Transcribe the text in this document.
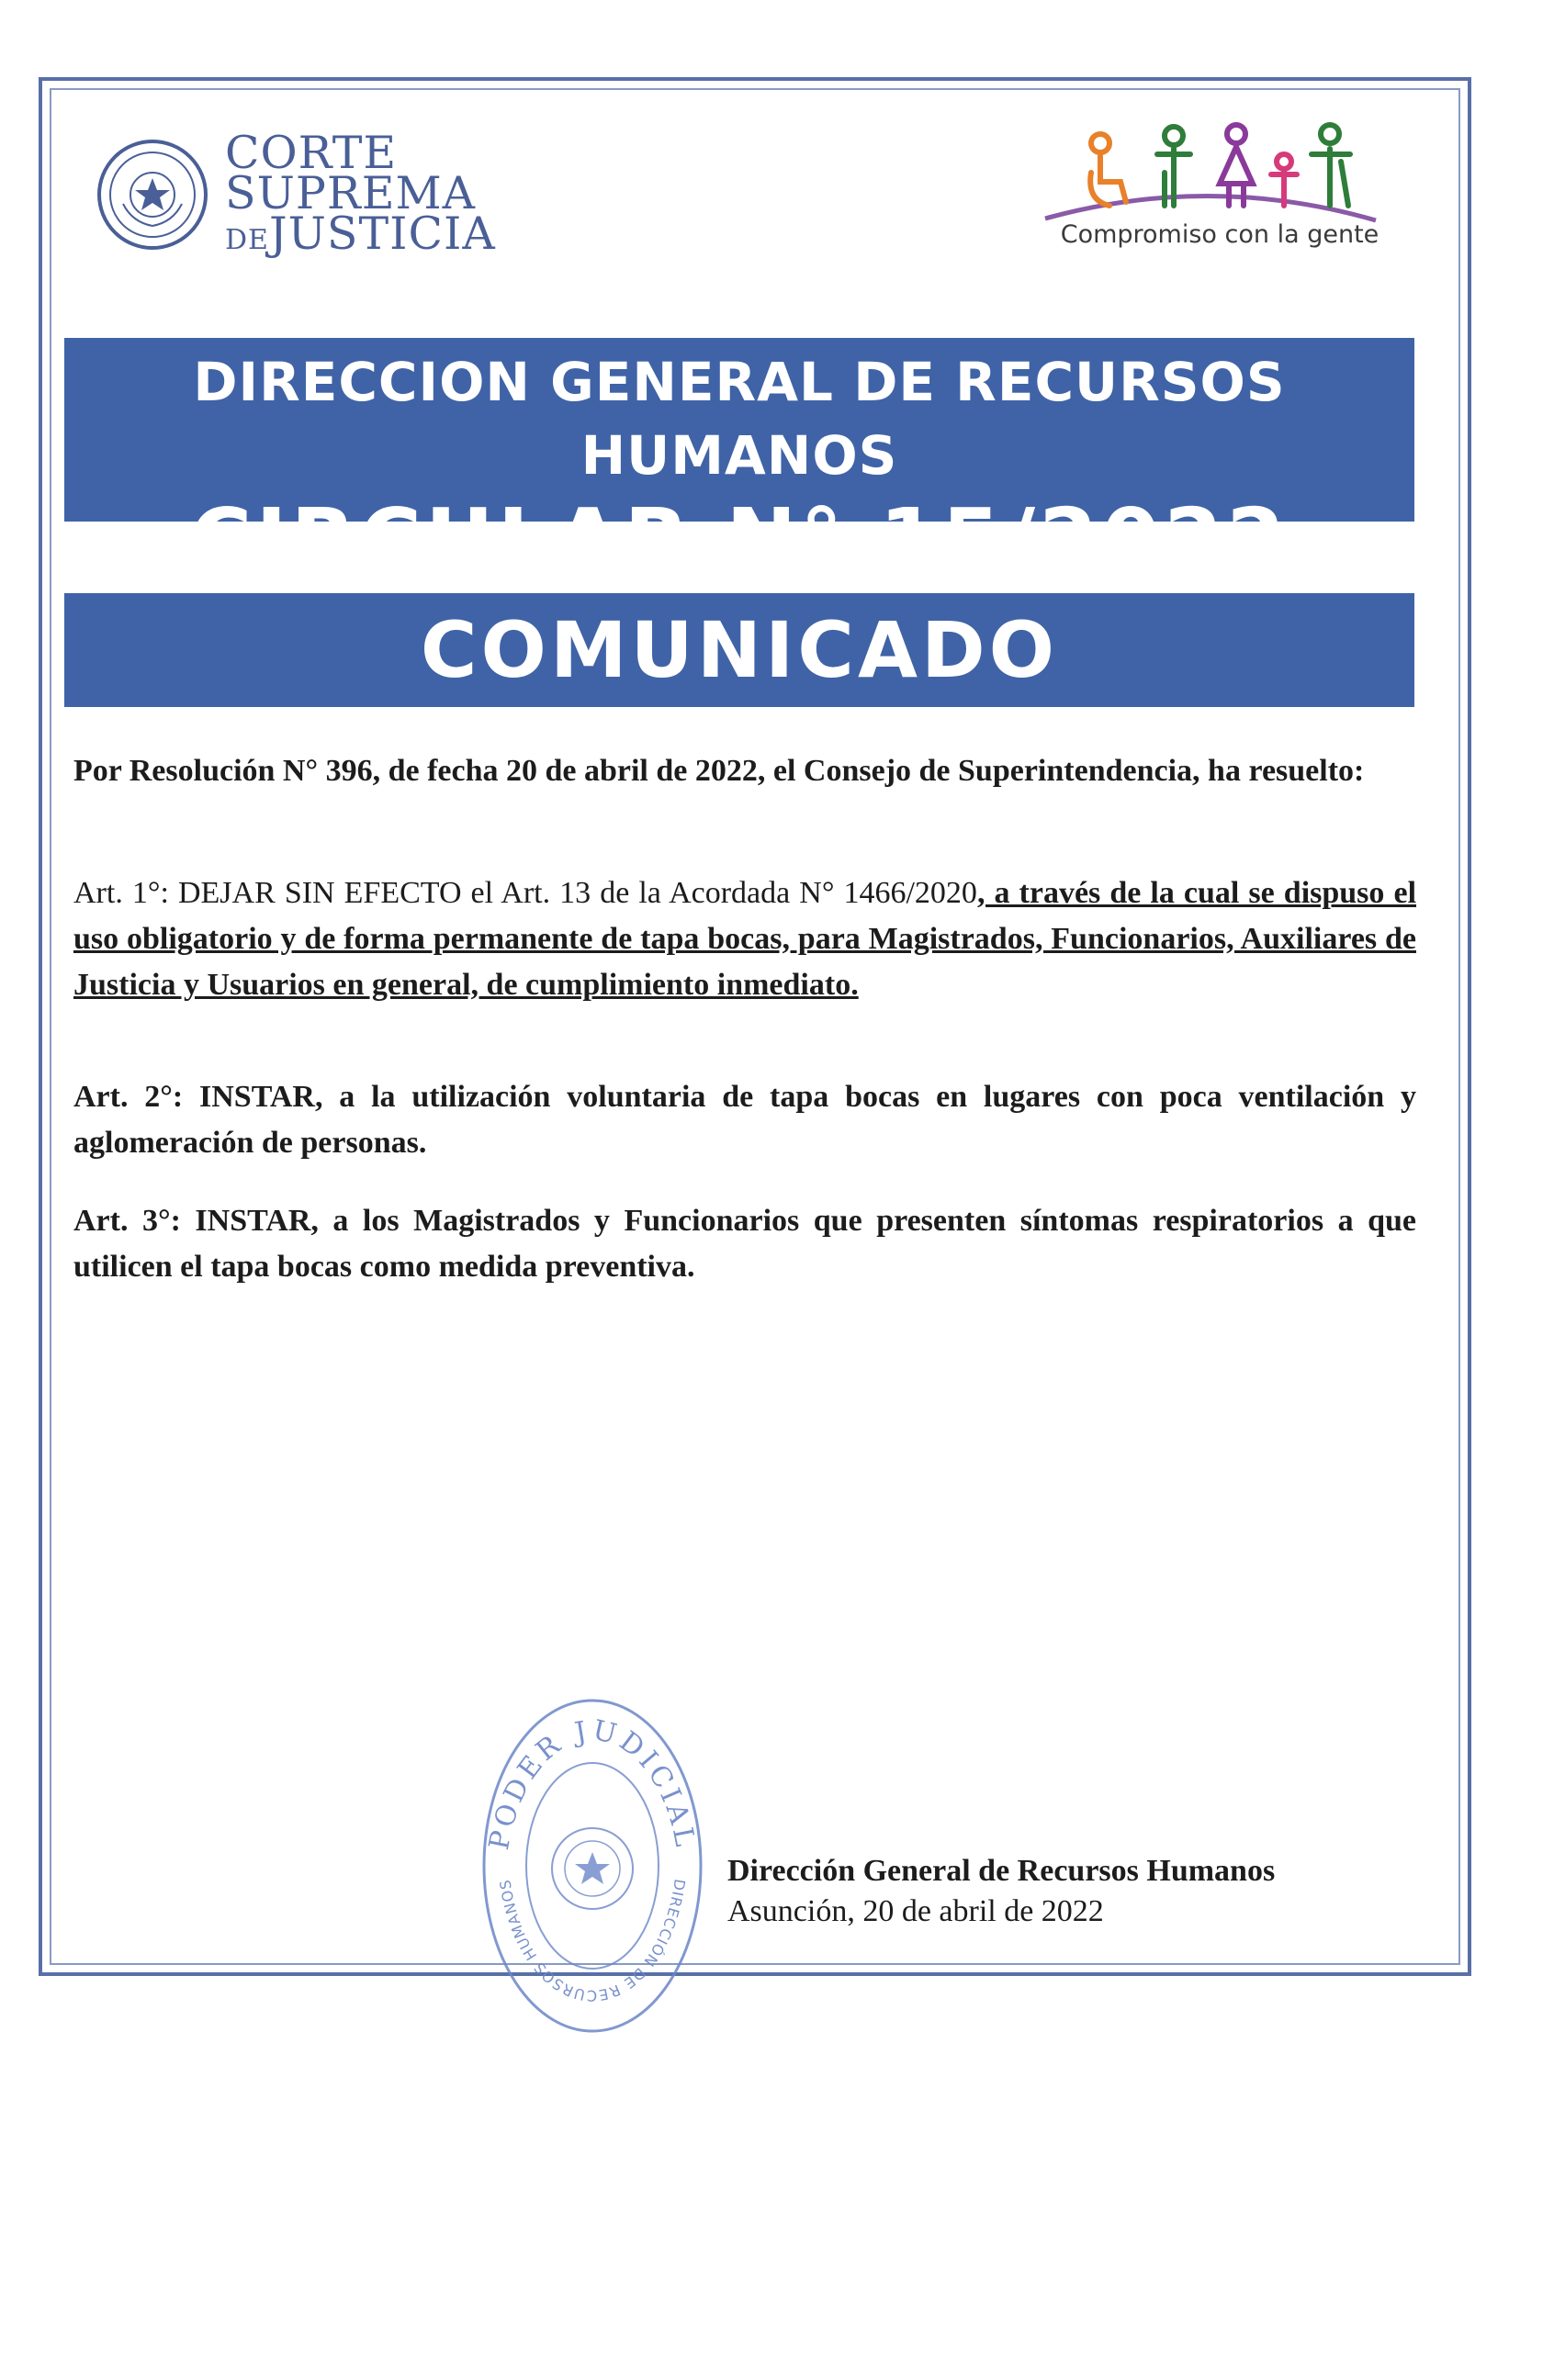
CORTE
SUPREMA
DEJUSTICIA	Compromiso con la gente
DIRECCION GENERAL DE RECURSOS HUMANOS
CIRCULAR N° 15/2022
COMUNICADO
Por Resolución N° 396, de fecha 20 de abril de 2022, el Consejo de Superintendencia, ha resuelto:
Art. 1°: DEJAR SIN EFECTO el Art. 13 de la Acordada N° 1466/2020, a través de la cual se dispuso el uso obligatorio y de forma permanente de tapa bocas, para Magistrados, Funcionarios, Auxiliares de Justicia y Usuarios en general, de cumplimiento inmediato.
Art. 2°: INSTAR, a la utilización voluntaria de tapa bocas en lugares con poca ventilación y aglomeración de personas.
Art. 3°: INSTAR, a los Magistrados y Funcionarios que presenten síntomas respiratorios a que utilicen el tapa bocas como medida preventiva.
PODER JUDICIAL
DIRECCIÓN DE RECURSOS HUMANOS	Dirección General de Recursos Humanos
Asunción, 20 de abril de 2022
